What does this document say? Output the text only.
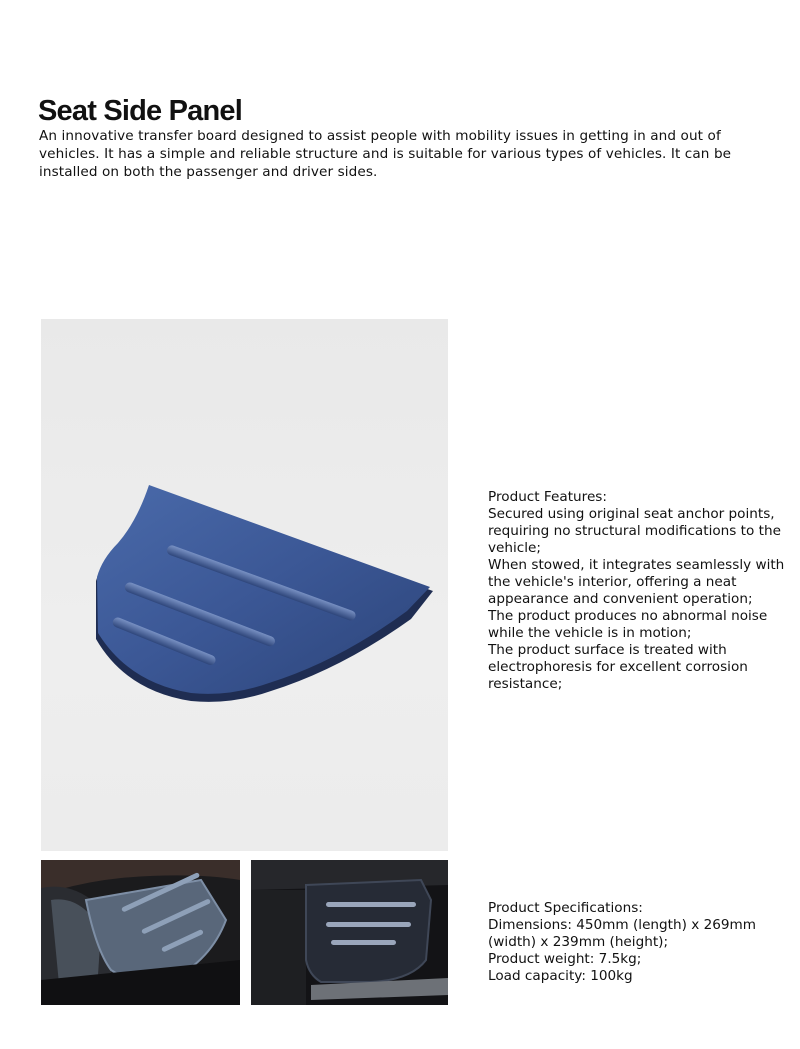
Seat Side Panel
An innovative transfer board designed to assist people with mobility issues in getting in and out of vehicles. It has a simple and reliable structure and is suitable for various types of vehicles. It can be installed on both the passenger and driver sides.

Product Features:

Secured using original seat anchor points, requiring no structural modifications to the vehicle;

When stowed, it integrates seamlessly with the vehicle's interior, offering a neat appearance and convenient operation;

The product produces no abnormal noise while the vehicle is in motion;

The product surface is treated with electrophoresis for excellent corrosion resistance;

Product Specifications:

Dimensions: 450mm (length) x 269mm (width) x 239mm (height);

Product weight: 7.5kg;

Load capacity: 100kg
